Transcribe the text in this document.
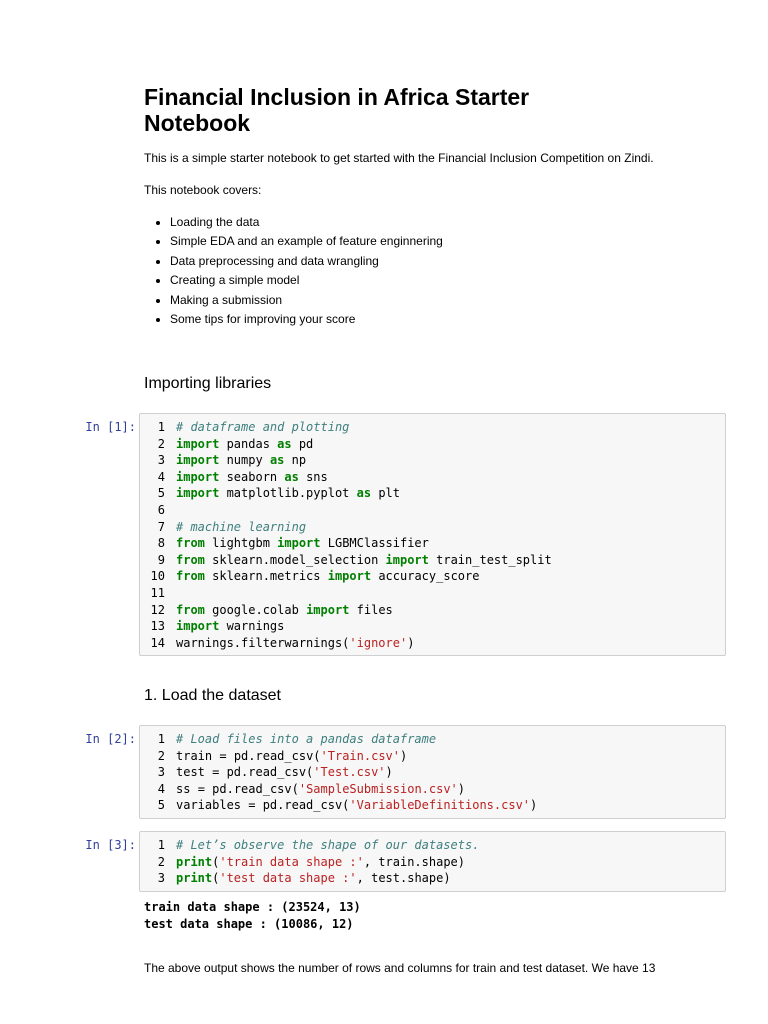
Financial Inclusion in Africa Starter
Notebook

This is a simple starter notebook to get started with the Financial Inclusion Competition on Zindi.

This notebook covers:

• Loading the data
• Simple EDA and an example of feature enginnering
• Data preprocessing and data wrangling
• Creating a simple model
• Making a submission
• Some tips for improving your score
Importing libraries
In [1]:	1 # dataframe and plotting
2 import pandas as pd
3 import numpy as np
4 import seaborn as sns
5 import matplotlib.pyplot as plt
6

7 # machine learning
8 from lightgbm import LGBMClassifier
9 from sklearn.model_selection import train_test_split
10 from sklearn.metrics import accuracy_score
11

12 from google.colab import files
13 import warnings
14 warnings.filterwarnings('ignore')
1. Load the dataset
In [2]:	1 # Load files into a pandas dataframe
2 train = pd.read_csv('Train.csv')
3 test = pd.read_csv('Test.csv')
4 ss = pd.read_csv('SampleSubmission.csv')
5 variables = pd.read_csv('VariableDefinitions.csv')
In [3]:	1 # Let’s observe the shape of our datasets.
2 print('train data shape :', train.shape)
3 print('test data shape :', test.shape)
train data shape : (23524, 13)
test data shape : (10086, 12)

The above output shows the number of rows and columns for train and test dataset. We have 13
